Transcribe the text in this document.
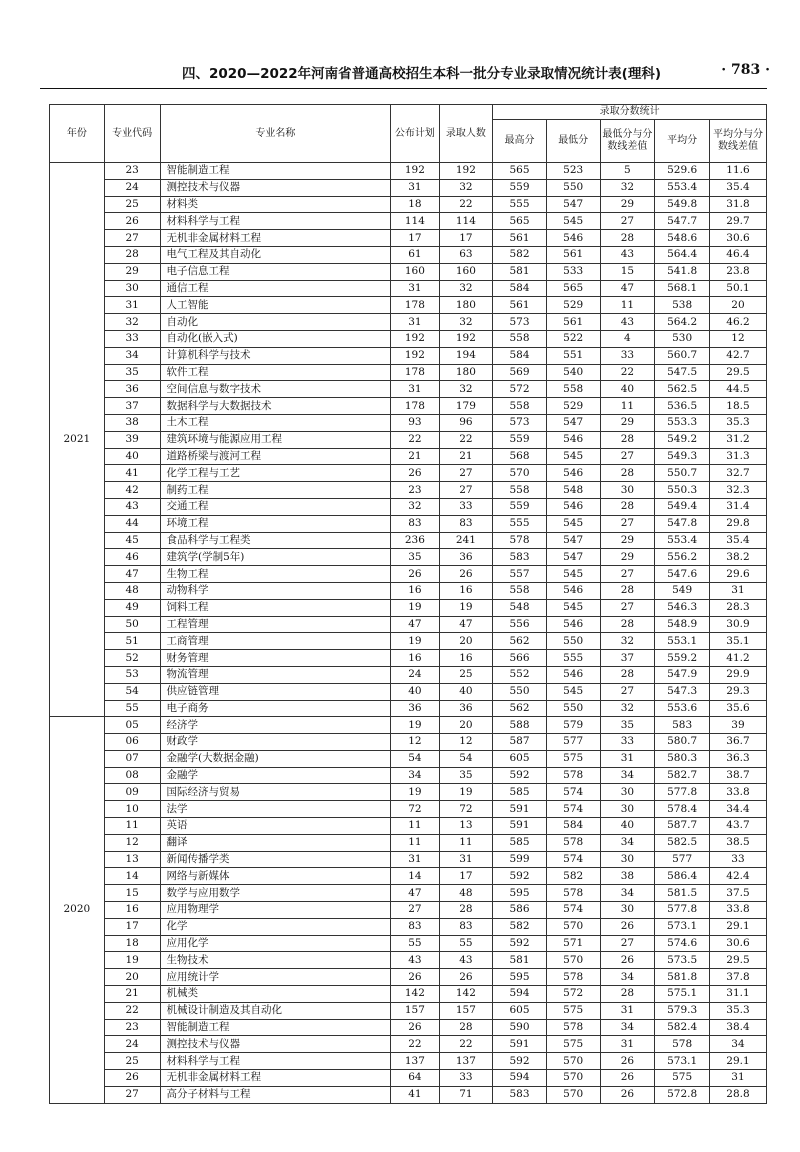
四、2020—2022年河南省普通高校招生本科一批分专业录取情况统计表(理科)	· 783 ·
年份	专业代码	专业名称	公布计划	录取人数	录取分数统计				
					最高分	最低分	最低分与分数线差值	平均分	平均分与分数线差值
2021	23	智能制造工程	192	192	565	523	5	529.6	11.6
	24	测控技术与仪器	31	32	559	550	32	553.4	35.4
	25	材料类	18	22	555	547	29	549.8	31.8
	26	材料科学与工程	114	114	565	545	27	547.7	29.7
	27	无机非金属材料工程	17	17	561	546	28	548.6	30.6
	28	电气工程及其自动化	61	63	582	561	43	564.4	46.4
	29	电子信息工程	160	160	581	533	15	541.8	23.8
	30	通信工程	31	32	584	565	47	568.1	50.1
	31	人工智能	178	180	561	529	11	538	20
	32	自动化	31	32	573	561	43	564.2	46.2
	33	自动化(嵌入式)	192	192	558	522	4	530	12
	34	计算机科学与技术	192	194	584	551	33	560.7	42.7
	35	软件工程	178	180	569	540	22	547.5	29.5
	36	空间信息与数字技术	31	32	572	558	40	562.5	44.5
	37	数据科学与大数据技术	178	179	558	529	11	536.5	18.5
	38	土木工程	93	96	573	547	29	553.3	35.3
	39	建筑环境与能源应用工程	22	22	559	546	28	549.2	31.2
	40	道路桥梁与渡河工程	21	21	568	545	27	549.3	31.3
	41	化学工程与工艺	26	27	570	546	28	550.7	32.7
	42	制药工程	23	27	558	548	30	550.3	32.3
	43	交通工程	32	33	559	546	28	549.4	31.4
	44	环境工程	83	83	555	545	27	547.8	29.8
	45	食品科学与工程类	236	241	578	547	29	553.4	35.4
	46	建筑学(学制5年)	35	36	583	547	29	556.2	38.2
	47	生物工程	26	26	557	545	27	547.6	29.6
	48	动物科学	16	16	558	546	28	549	31
	49	饲料工程	19	19	548	545	27	546.3	28.3
	50	工程管理	47	47	556	546	28	548.9	30.9
	51	工商管理	19	20	562	550	32	553.1	35.1
	52	财务管理	16	16	566	555	37	559.2	41.2
	53	物流管理	24	25	552	546	28	547.9	29.9
	54	供应链管理	40	40	550	545	27	547.3	29.3
	55	电子商务	36	36	562	550	32	553.6	35.6
2020	05	经济学	19	20	588	579	35	583	39
	06	财政学	12	12	587	577	33	580.7	36.7
	07	金融学(大数据金融)	54	54	605	575	31	580.3	36.3
	08	金融学	34	35	592	578	34	582.7	38.7
	09	国际经济与贸易	19	19	585	574	30	577.8	33.8
	10	法学	72	72	591	574	30	578.4	34.4
	11	英语	11	13	591	584	40	587.7	43.7
	12	翻译	11	11	585	578	34	582.5	38.5
	13	新闻传播学类	31	31	599	574	30	577	33
	14	网络与新媒体	14	17	592	582	38	586.4	42.4
	15	数学与应用数学	47	48	595	578	34	581.5	37.5
	16	应用物理学	27	28	586	574	30	577.8	33.8
	17	化学	83	83	582	570	26	573.1	29.1
	18	应用化学	55	55	592	571	27	574.6	30.6
	19	生物技术	43	43	581	570	26	573.5	29.5
	20	应用统计学	26	26	595	578	34	581.8	37.8
	21	机械类	142	142	594	572	28	575.1	31.1
	22	机械设计制造及其自动化	157	157	605	575	31	579.3	35.3
	23	智能制造工程	26	28	590	578	34	582.4	38.4
	24	测控技术与仪器	22	22	591	575	31	578	34
	25	材料科学与工程	137	137	592	570	26	573.1	29.1
	26	无机非金属材料工程	64	33	594	570	26	575	31
	27	高分子材料与工程	41	71	583	570	26	572.8	28.8
